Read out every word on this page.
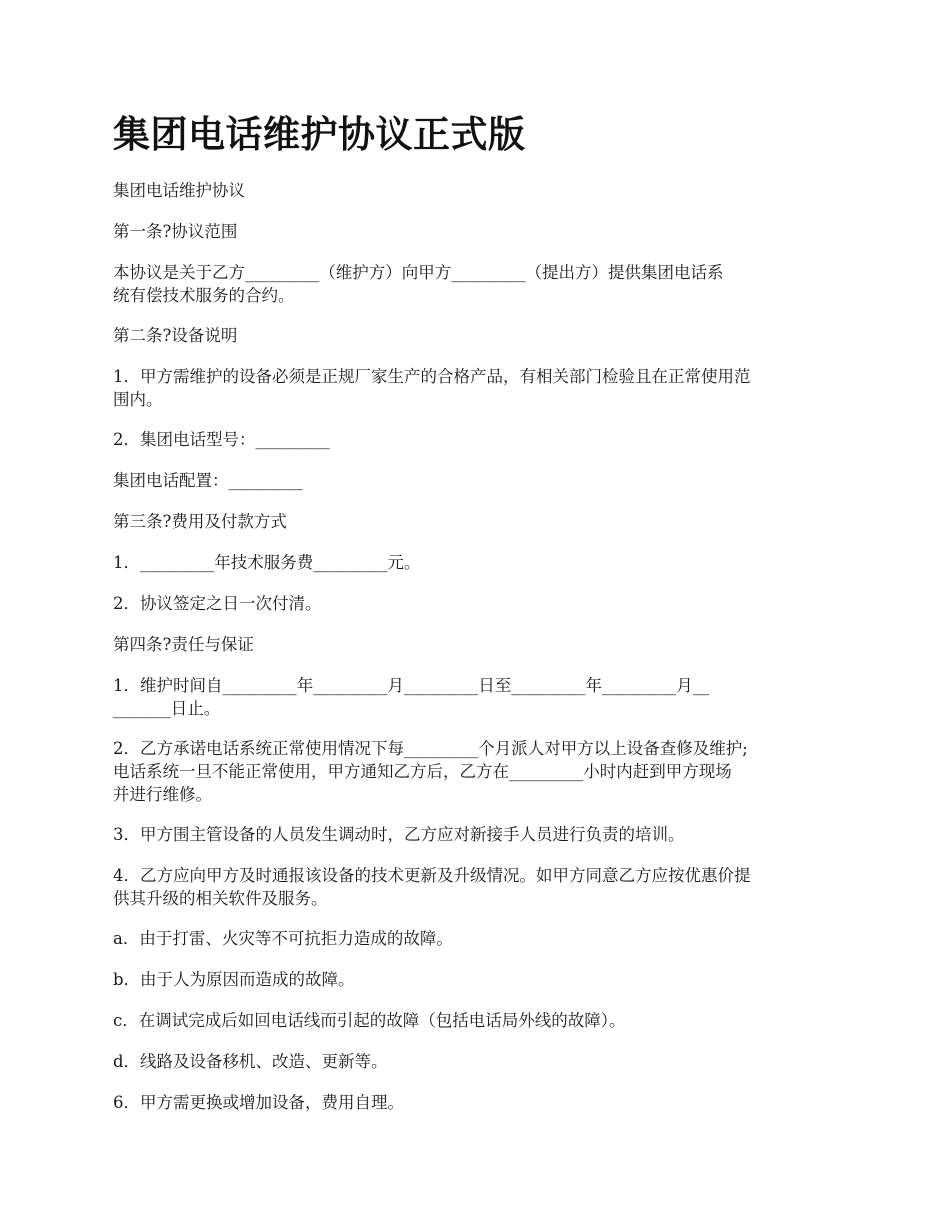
集团电话维护协议正式版

集团电话维护协议

第一条?协议范围

本协议是关于乙方_________（维护方）向甲方_________（提出方）提供集团电话系
统有偿技术服务的合约。

第二条?设备说明

1．甲方需维护的设备必须是正规厂家生产的合格产品，有相关部门检验且在正常使用范
围内。

2．集团电话型号：_________

集团电话配置：_________

第三条?费用及付款方式

1．_________年技术服务费_________元。

2．协议签定之日一次付清。

第四条?责任与保证

1．维护时间自_________年_________月_________日至_________年_________月__
_______日止。

2．乙方承诺电话系统正常使用情况下每_________个月派人对甲方以上设备查修及维护;
电话系统一旦不能正常使用，甲方通知乙方后，乙方在_________小时内赶到甲方现场
并进行维修。

3．甲方围主管设备的人员发生调动时，乙方应对新接手人员进行负责的培训。

4．乙方应向甲方及时通报该设备的技术更新及升级情况。如甲方同意乙方应按优惠价提
供其升级的相关软件及服务。

a．由于打雷、火灾等不可抗拒力造成的故障。

b．由于人为原因而造成的故障。

c．在调试完成后如回电话线而引起的故障（包括电话局外线的故障）。

d．线路及设备移机、改造、更新等。

6．甲方需更换或增加设备，费用自理。
